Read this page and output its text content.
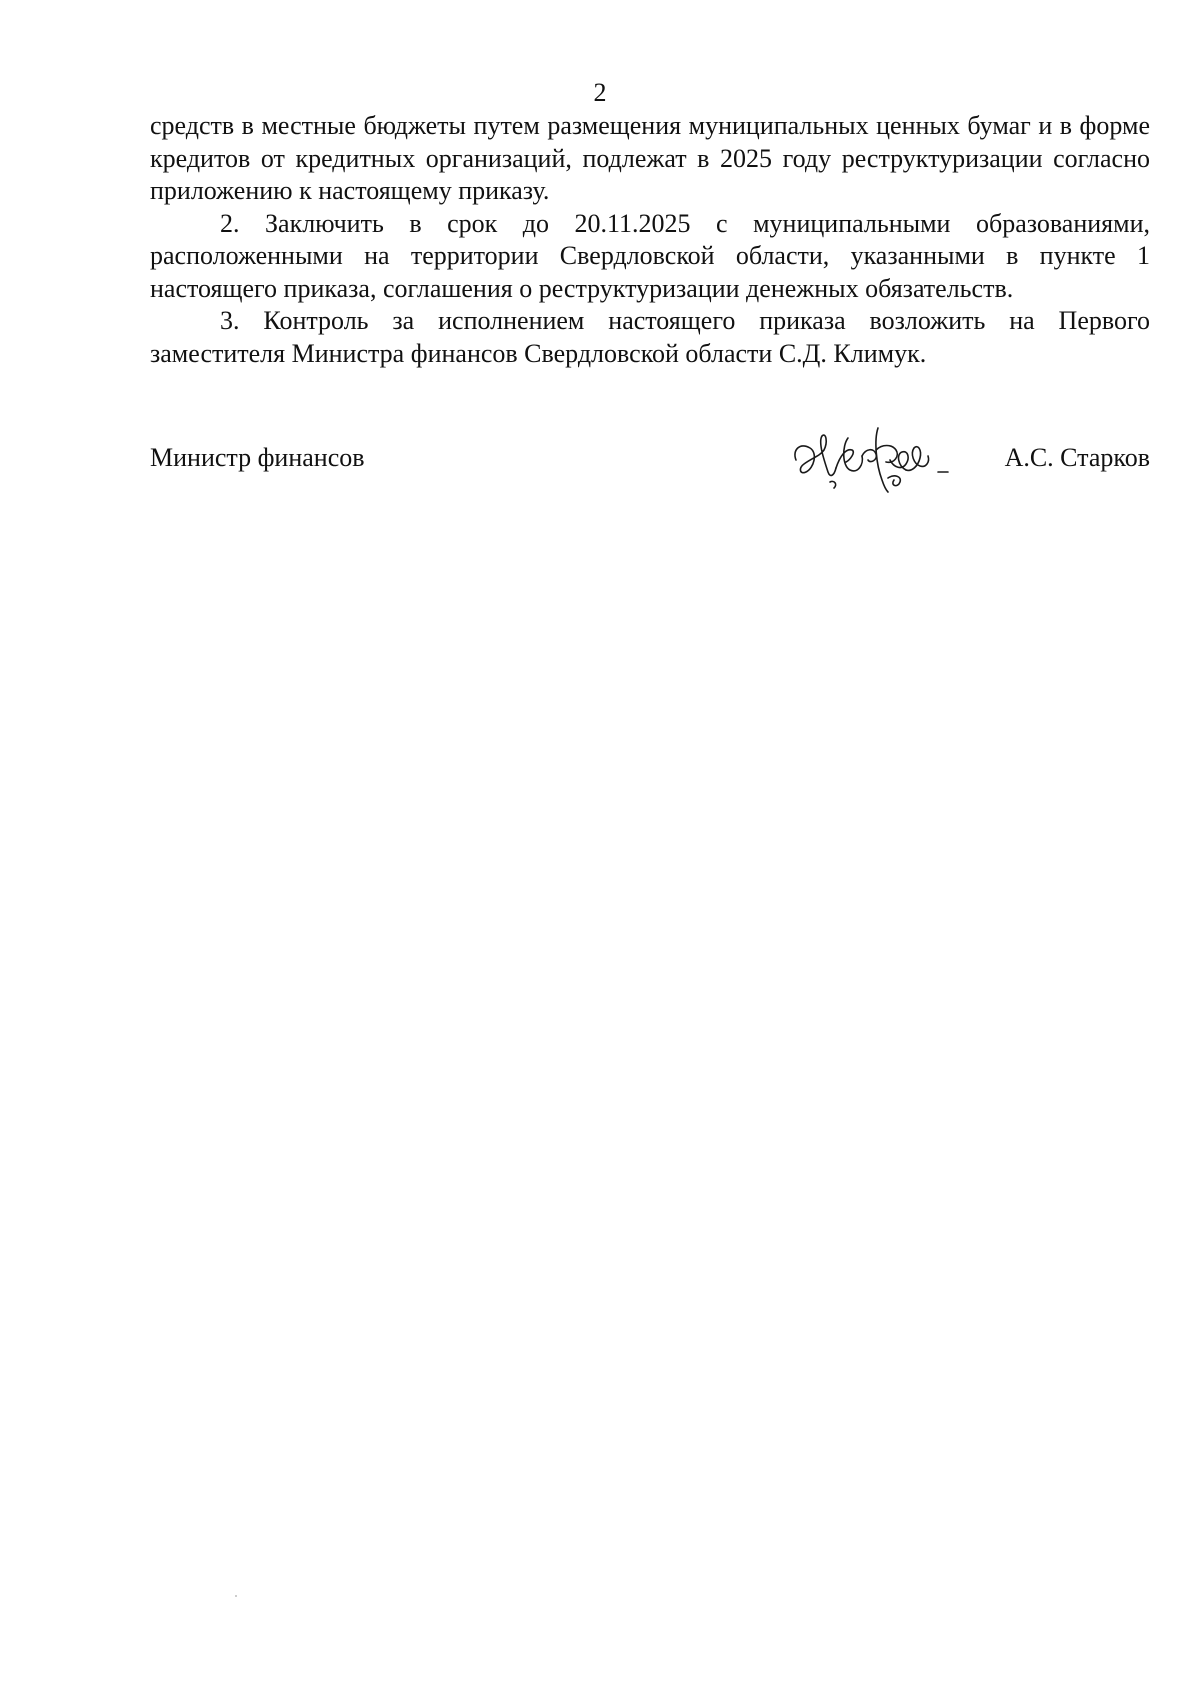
2

средств в местные бюджеты путем размещения муниципальных ценных бумаг и в форме кредитов от кредитных организаций, подлежат в 2025 году реструктуризации согласно приложению к настоящему приказу.

2. Заключить в срок до 20.11.2025 с муниципальными образованиями, расположенными на территории Свердловской области, указанными в пункте 1 настоящего приказа, соглашения о реструктуризации денежных обязательств.

3. Контроль за исполнением настоящего приказа возложить на Первого заместителя Министра финансов Свердловской области С.Д. Климук.

Министр финансов	А.С. Старков
